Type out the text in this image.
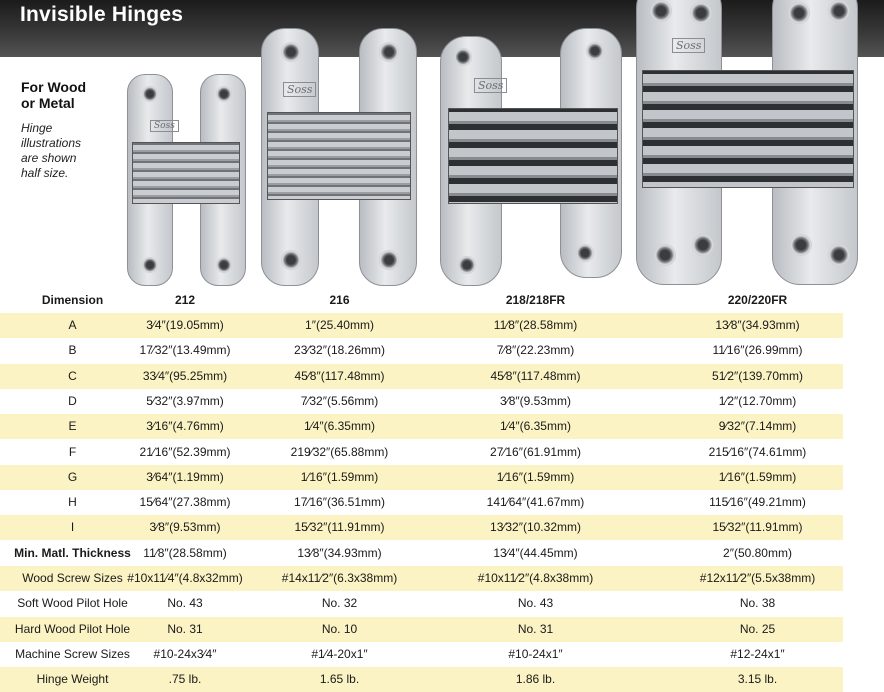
Invisible Hinges
For Wood
or Metal
Hinge
illustrations
are shown
half size.
Soss
Soss	Soss
Soss
Dimension	212	216	218/218FR	220/220FR
A	3⁄4″(19.05mm)	1″(25.40mm)	11⁄8″(28.58mm)	13⁄8″(34.93mm)
B	17⁄32″(13.49mm)	23⁄32″(18.26mm)	7⁄8″(22.23mm)	11⁄16″(26.99mm)
C	33⁄4″(95.25mm)	45⁄8″(117.48mm)	45⁄8″(117.48mm)	51⁄2″(139.70mm)
D	5⁄32″(3.97mm)	7⁄32″(5.56mm)	3⁄8″(9.53mm)	1⁄2″(12.70mm)
E	3⁄16″(4.76mm)	1⁄4″(6.35mm)	1⁄4″(6.35mm)	9⁄32″(7.14mm)
F	21⁄16″(52.39mm)	219⁄32″(65.88mm)	27⁄16″(61.91mm)	215⁄16″(74.61mm)
G	3⁄64″(1.19mm)	1⁄16″(1.59mm)	1⁄16″(1.59mm)	1⁄16″(1.59mm)
H	15⁄64″(27.38mm)	17⁄16″(36.51mm)	141⁄64″(41.67mm)	115⁄16″(49.21mm)
I	3⁄8″(9.53mm)	15⁄32″(11.91mm)	13⁄32″(10.32mm)	15⁄32″(11.91mm)
Min. Matl. Thickness	11⁄8″(28.58mm)	13⁄8″(34.93mm)	13⁄4″(44.45mm)	2″(50.80mm)
Wood Screw Sizes #10x11⁄4″(4.8x32mm)	#14x11⁄2″(6.3x38mm)	#10x11⁄2″(4.8x38mm)	#12x11⁄2″(5.5x38mm)
Soft Wood Pilot Hole	No. 43	No. 32	No. 43	No. 38
Hard Wood Pilot Hole	No. 31	No. 10	No. 31	No. 25
Machine Screw Sizes	#10-24x3⁄4″	#1⁄4-20x1″	#10-24x1″	#12-24x1″
Hinge Weight	.75 lb.	1.65 lb.	1.86 lb.	3.15 lb.
